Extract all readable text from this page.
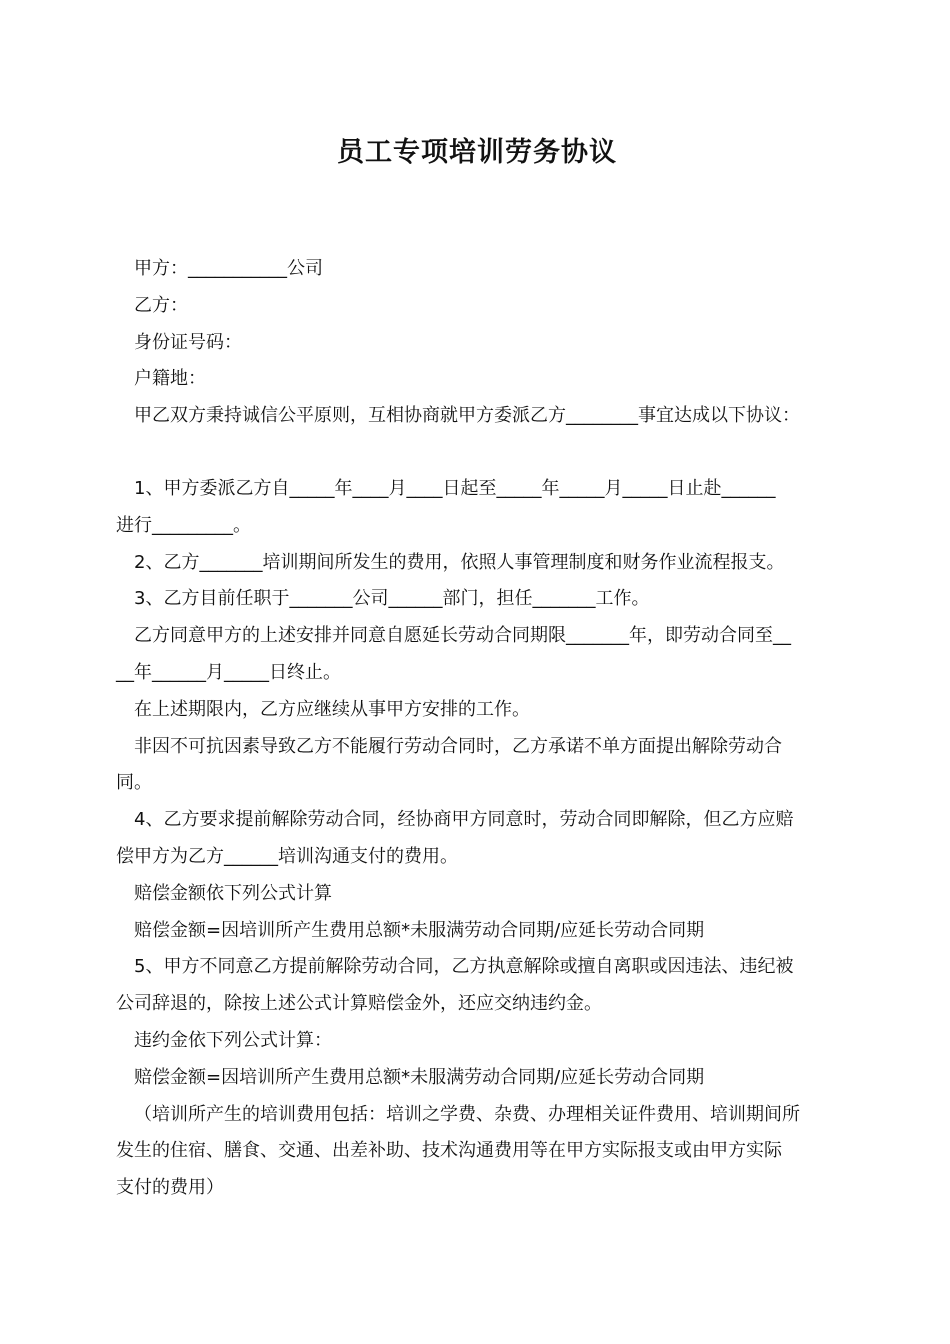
员工专项培训劳务协议
甲方：___________公司
乙方：
身份证号码：
户籍地：
甲乙双方秉持诚信公平原则，互相协商就甲方委派乙方________事宜达成以下协议：
1、甲方委派乙方自_____年____月____日起至_____年_____月_____日止赴______
进行_________。
2、乙方_______培训期间所发生的费用，依照人事管理制度和财务作业流程报支。
3、乙方目前任职于_______公司______部门，担任_______工作。
乙方同意甲方的上述安排并同意自愿延长劳动合同期限_______年，即劳动合同至__
__年______月_____日终止。
在上述期限内，乙方应继续从事甲方安排的工作。
非因不可抗因素导致乙方不能履行劳动合同时，乙方承诺不单方面提出解除劳动合
同。
4、乙方要求提前解除劳动合同，经协商甲方同意时，劳动合同即解除，但乙方应赔
偿甲方为乙方______培训沟通支付的费用。
赔偿金额依下列公式计算
赔偿金额=因培训所产生费用总额*未服满劳动合同期/应延长劳动合同期
5、甲方不同意乙方提前解除劳动合同，乙方执意解除或擅自离职或因违法、违纪被
公司辞退的，除按上述公式计算赔偿金外，还应交纳违约金。
违约金依下列公式计算：
赔偿金额=因培训所产生费用总额*未服满劳动合同期/应延长劳动合同期
（培训所产生的培训费用包括：培训之学费、杂费、办理相关证件费用、培训期间所
发生的住宿、膳食、交通、出差补助、技术沟通费用等在甲方实际报支或由甲方实际
支付的费用）
